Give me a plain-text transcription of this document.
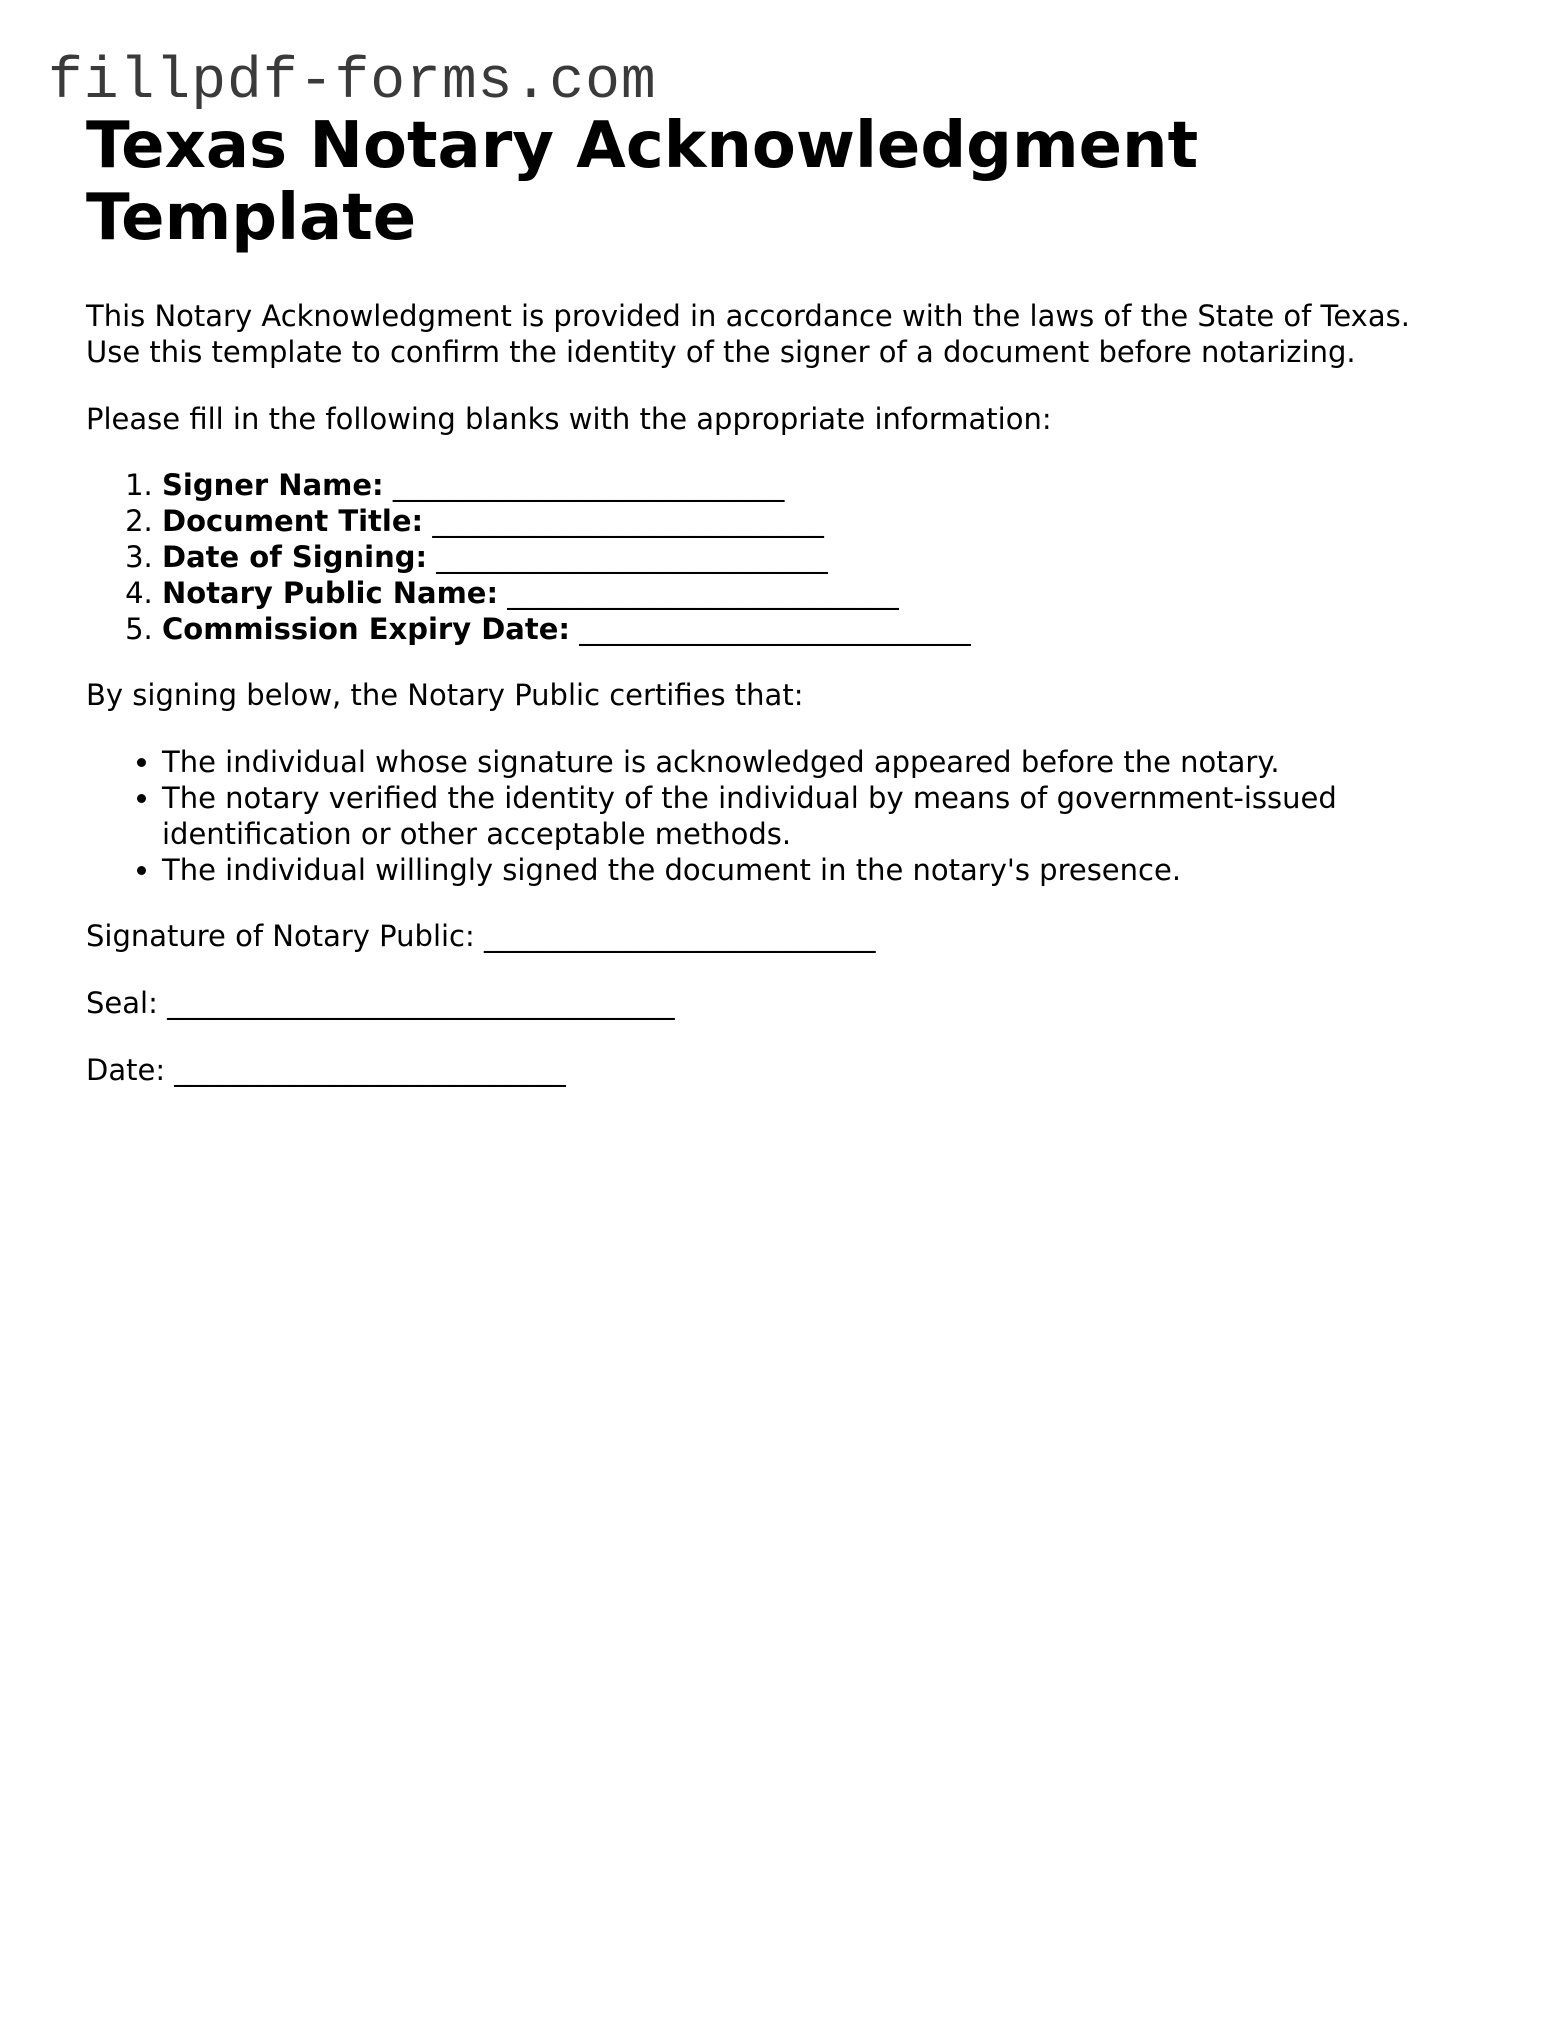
fillpdf-forms.com
Texas Notary Acknowledgment Template

This Notary Acknowledgment is provided in accordance with the laws of the State of Texas. Use this template to confirm the identity of the signer of a document before notarizing.

Please fill in the following blanks with the appropriate information:

1. Signer Name: ___________________________
2. Document Title: ___________________________
3. Date of Signing: ___________________________
4. Notary Public Name: ___________________________
5. Commission Expiry Date: ___________________________

By signing below, the Notary Public certifies that:

• The individual whose signature is acknowledged appeared before the notary.
• The notary verified the identity of the individual by means of government-issued identification or other acceptable methods.
• The individual willingly signed the document in the notary's presence.

Signature of Notary Public: ___________________________

Seal: ___________________________________

Date: ___________________________
